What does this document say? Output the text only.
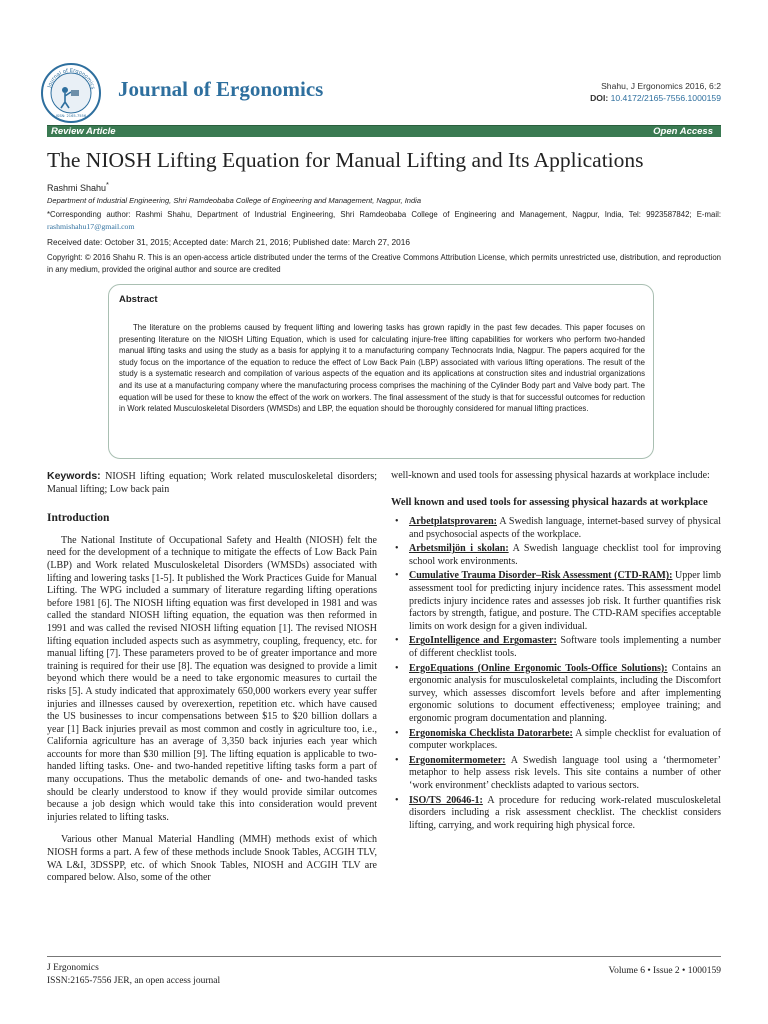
Journal of Ergonomics
ISSN: 2165-7556
Journal of Ergonomics	Shahu, J Ergonomics 2016, 6:2
DOI: 10.4172/2165-7556.1000159
Review Article	Open Access
The NIOSH Lifting Equation for Manual Lifting and Its Applications
Rashmi Shahu*
Department of Industrial Engineering, Shri Ramdeobaba College of Engineering and Management, Nagpur, India
*Corresponding author: Rashmi Shahu, Department of Industrial Engineering, Shri Ramdeobaba College of Engineering and Management, Nagpur, India, Tel: 9923587842; E-mail: rashmishahu17@gmail.com
Received date: October 31, 2015; Accepted date: March 21, 2016; Published date: March 27, 2016
Copyright: © 2016 Shahu R. This is an open-access article distributed under the terms of the Creative Commons Attribution License, which permits unrestricted use, distribution, and reproduction in any medium, provided the original author and source are credited
Abstract
The literature on the problems caused by frequent lifting and lowering tasks has grown rapidly in the past few decades. This paper focuses on presenting literature on the NIOSH Lifting Equation, which is used for calculating injure-free lifting capabilities for workers who perform two-handed manual lifting tasks and using the study as a basis for applying it to a manufacturing company Technocrats India, Nagpur. The papers acquired for the study focus on the importance of the equation to reduce the effect of Low Back Pain (LBP) associated with various lifting operations. The result of the study is a systematic research and compilation of various aspects of the equation and its applications at construction sites and industrial organizations and its use at a manufacturing company where the manufacturing process comprises the machining of the Cylinder Body part and Valve body part. The equation will be used for these to know the effect of the work on workers. The final assessment of the study is that for successful outcomes for reduction in Work related Musculoskeletal Disorders (WMSDs) and LBP, the equation should be thoroughly considered for manual lifting practices.

Keywords: NIOSH lifting equation; Work related musculoskeletal disorders; Manual lifting; Low back pain

Introduction

The National Institute of Occupational Safety and Health (NIOSH) felt the need for the development of a technique to mitigate the effects of Low Back Pain (LBP) and Work related Musculoskeletal Disorders (WMSDs) associated with lifting and lowering tasks [1-5]. It published the Work Practices Guide for Manual Lifting. The WPG included a summary of literature regarding lifting operations before 1981 [6]. The NIOSH lifting equation was first developed in 1981 and was called the standard NIOSH lifting equation, the equation was then reformed in 1991 and was called the revised NIOSH lifting equation [1]. The revised NIOSH lifting equation included aspects such as asymmetry, coupling, frequency, etc. for manual lifting [7]. These parameters proved to be of greater importance and more training is required for their use [8]. The equation was designed to provide a limit beyond which there would be a need to take ergonomic measures to curtail the risks [5]. A study indicated that approximately 650,000 workers every year suffer injuries and illnesses caused by overexertion, repetition etc. which have caused the US businesses to incur compensations between $15 to $20 billion dollars a year [1] Back injuries prevail as most common and costly in agriculture too, i.e., California agriculture has an average of 3,350 back injuries each year which accounts for more than $30 million [9]. The lifting equation is applicable to two-handed lifting tasks. One- and two-handed repetitive lifting tasks form a part of many occupations. Thus the metabolic demands of one- and two-handed tasks should be clearly understood to know if they would provide similar outcomes because a job design which would take this into consideration would prevent injuries related to lifting tasks.

Various other Manual Material Handling (MMH) methods exist of which NIOSH forms a part. A few of these methods include Snook Tables, ACGIH TLV, WA L&I, 3DSSPP, etc. of which Snook Tables, NIOSH and ACGIH TLV are compared below. Also, some of the other

well-known and used tools for assessing physical hazards at workplace include:

Well known and used tools for assessing physical hazards at workplace
• Arbetplatsprovaren: A Swedish language, internet-based survey of physical and psychosocial aspects of the workplace.
• Arbetsmiljön i skolan: A Swedish language checklist tool for improving school work environments.
• Cumulative Trauma Disorder–Risk Assessment (CTD-RAM): Upper limb assessment tool for predicting injury incidence rates. This assessment model predicts injury incidence rates and assesses job risk. It further quantifies risk factors by strength, fatigue, and posture. The CTD-RAM specifies acceptable limits on work design for a given individual.
• ErgoIntelligence and Ergomaster: Software tools implementing a number of different checklist tools.
• ErgoEquations (Online Ergonomic Tools-Office Solutions): Contains an ergonomic analysis for musculoskeletal complaints, including the Discomfort survey, which assesses discomfort levels before and after implementing ergonomic solutions to document effectiveness; employee training; and ergonomic program documentation and planning.
• Ergonomiska Checklista Datorarbete: A simple checklist for evaluation of computer workplaces.
• Ergonomitermometer: A Swedish language tool using a ‘thermometer’ metaphor to help assess risk levels. This site contains a number of other ‘work environment’ checklists adapted to various sectors.
• ISO/TS 20646-1: A procedure for reducing work-related musculoskeletal disorders including a risk assessment checklist. The checklist considers lifting, carrying, and work requiring high physical force.
J Ergonomics
ISSN:2165-7556 JER, an open access journal
Volume 6 • Issue 2 • 1000159
